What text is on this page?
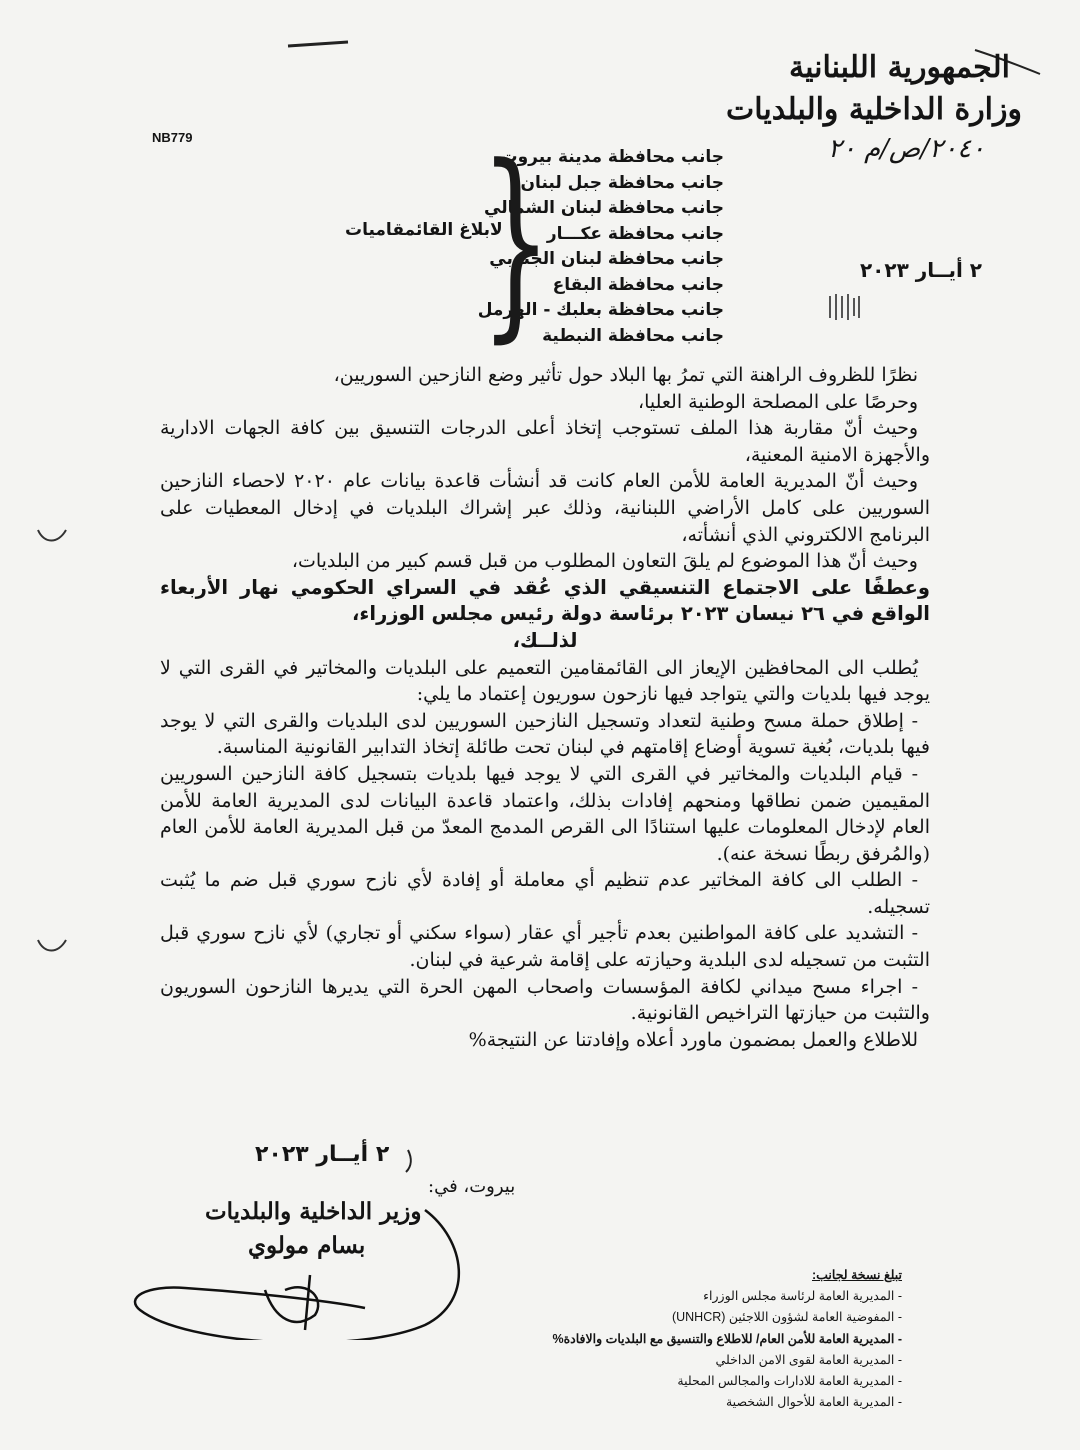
الجمهورية اللبنانية
وزارة الداخلية والبلديات
NB779	٢٠٤٠/ص/م ٢٠
جانب محافظة مدينة بيروت
جانب محافظة جبل لبنان
جانب محافظة لبنان الشمالي
جانب محافظة عكـــار
جانب محافظة لبنان الجنوبي
جانب محافظة البقاع
جانب محافظة بعلبك - الهرمل
جانب محافظة النبطية
}
لابلاغ القائمقاميات
٢ أيــار ٢٠٢٣

نظرًا للظروف الراهنة التي تمرُ بها البلاد حول تأثير وضع النازحين السوريين،

وحرصًا على المصلحة الوطنية العليا،

وحيث أنّ مقاربة هذا الملف تستوجب إتخاذ أعلى الدرجات التنسيق بين كافة الجهات الادارية والأجهزة الامنية المعنية،

وحيث أنّ المديرية العامة للأمن العام كانت قد أنشأت قاعدة بيانات عام ٢٠٢٠ لاحصاء النازحين السوريين على كامل الأراضي اللبنانية، وذلك عبر إشراك البلديات في إدخال المعطيات على البرنامج الالكتروني الذي أنشأته،

وحيث أنّ هذا الموضوع لم يلقَ التعاون المطلوب من قبل قسم كبير من البلديات،

وعطفًا على الاجتماع التنسيقي الذي عُقد في السراي الحكومي نهار الأربعاء الواقع في ٢٦ نيسان ٢٠٢٣ برئاسة دولة رئيس مجلس الوزراء،

لذلــك،

يُطلب الى المحافظين الإيعاز الى القائمقامين التعميم على البلديات والمخاتير في القرى التي لا يوجد فيها بلديات والتي يتواجد فيها نازحون سوريون إعتماد ما يلي:

- إطلاق حملة مسح وطنية لتعداد وتسجيل النازحين السوريين لدى البلديات والقرى التي لا يوجد فيها بلديات، بُغية تسوية أوضاع إقامتهم في لبنان تحت طائلة إتخاذ التدابير القانونية المناسبة.

- قيام البلديات والمخاتير في القرى التي لا يوجد فيها بلديات بتسجيل كافة النازحين السوريين المقيمين ضمن نطاقها ومنحهم إفادات بذلك، واعتماد قاعدة البيانات لدى المديرية العامة للأمن العام لإدخال المعلومات عليها استنادًا الى القرص المدمج المعدّ من قبل المديرية العامة للأمن العام (والمُرفق ربطًا نسخة عنه).

- الطلب الى كافة المخاتير عدم تنظيم أي معاملة أو إفادة لأي نازح سوري قبل ضم ما يُثبت تسجيله.

- التشديد على كافة المواطنين بعدم تأجير أي عقار (سواء سكني أو تجاري) لأي نازح سوري قبل التثبت من تسجيله لدى البلدية وحيازته على إقامة شرعية في لبنان.

- اجراء مسح ميداني لكافة المؤسسات واصحاب المهن الحرة التي يديرها النازحون السوريون والتثبت من حيازتها التراخيص القانونية.

للاطلاع والعمل بمضمون ماورد أعلاه وإفادتنا عن النتيجة%

٢ أيــار ٢٠٢٣
بيروت، في:
وزير الداخلية والبلديات
بسام مولوي
تبلغ نسخة لجانب:
- المديرية العامة لرئاسة مجلس الوزراء
- المفوضية العامة لشؤون اللاجئين (UNHCR)
- المديرية العامة للأمن العام/ للاطلاع والتنسيق مع البلديات والافادة%
- المديرية العامة لقوى الامن الداخلي
- المديرية العامة للادارات والمجالس المحلية
- المديرية العامة للأحوال الشخصية
